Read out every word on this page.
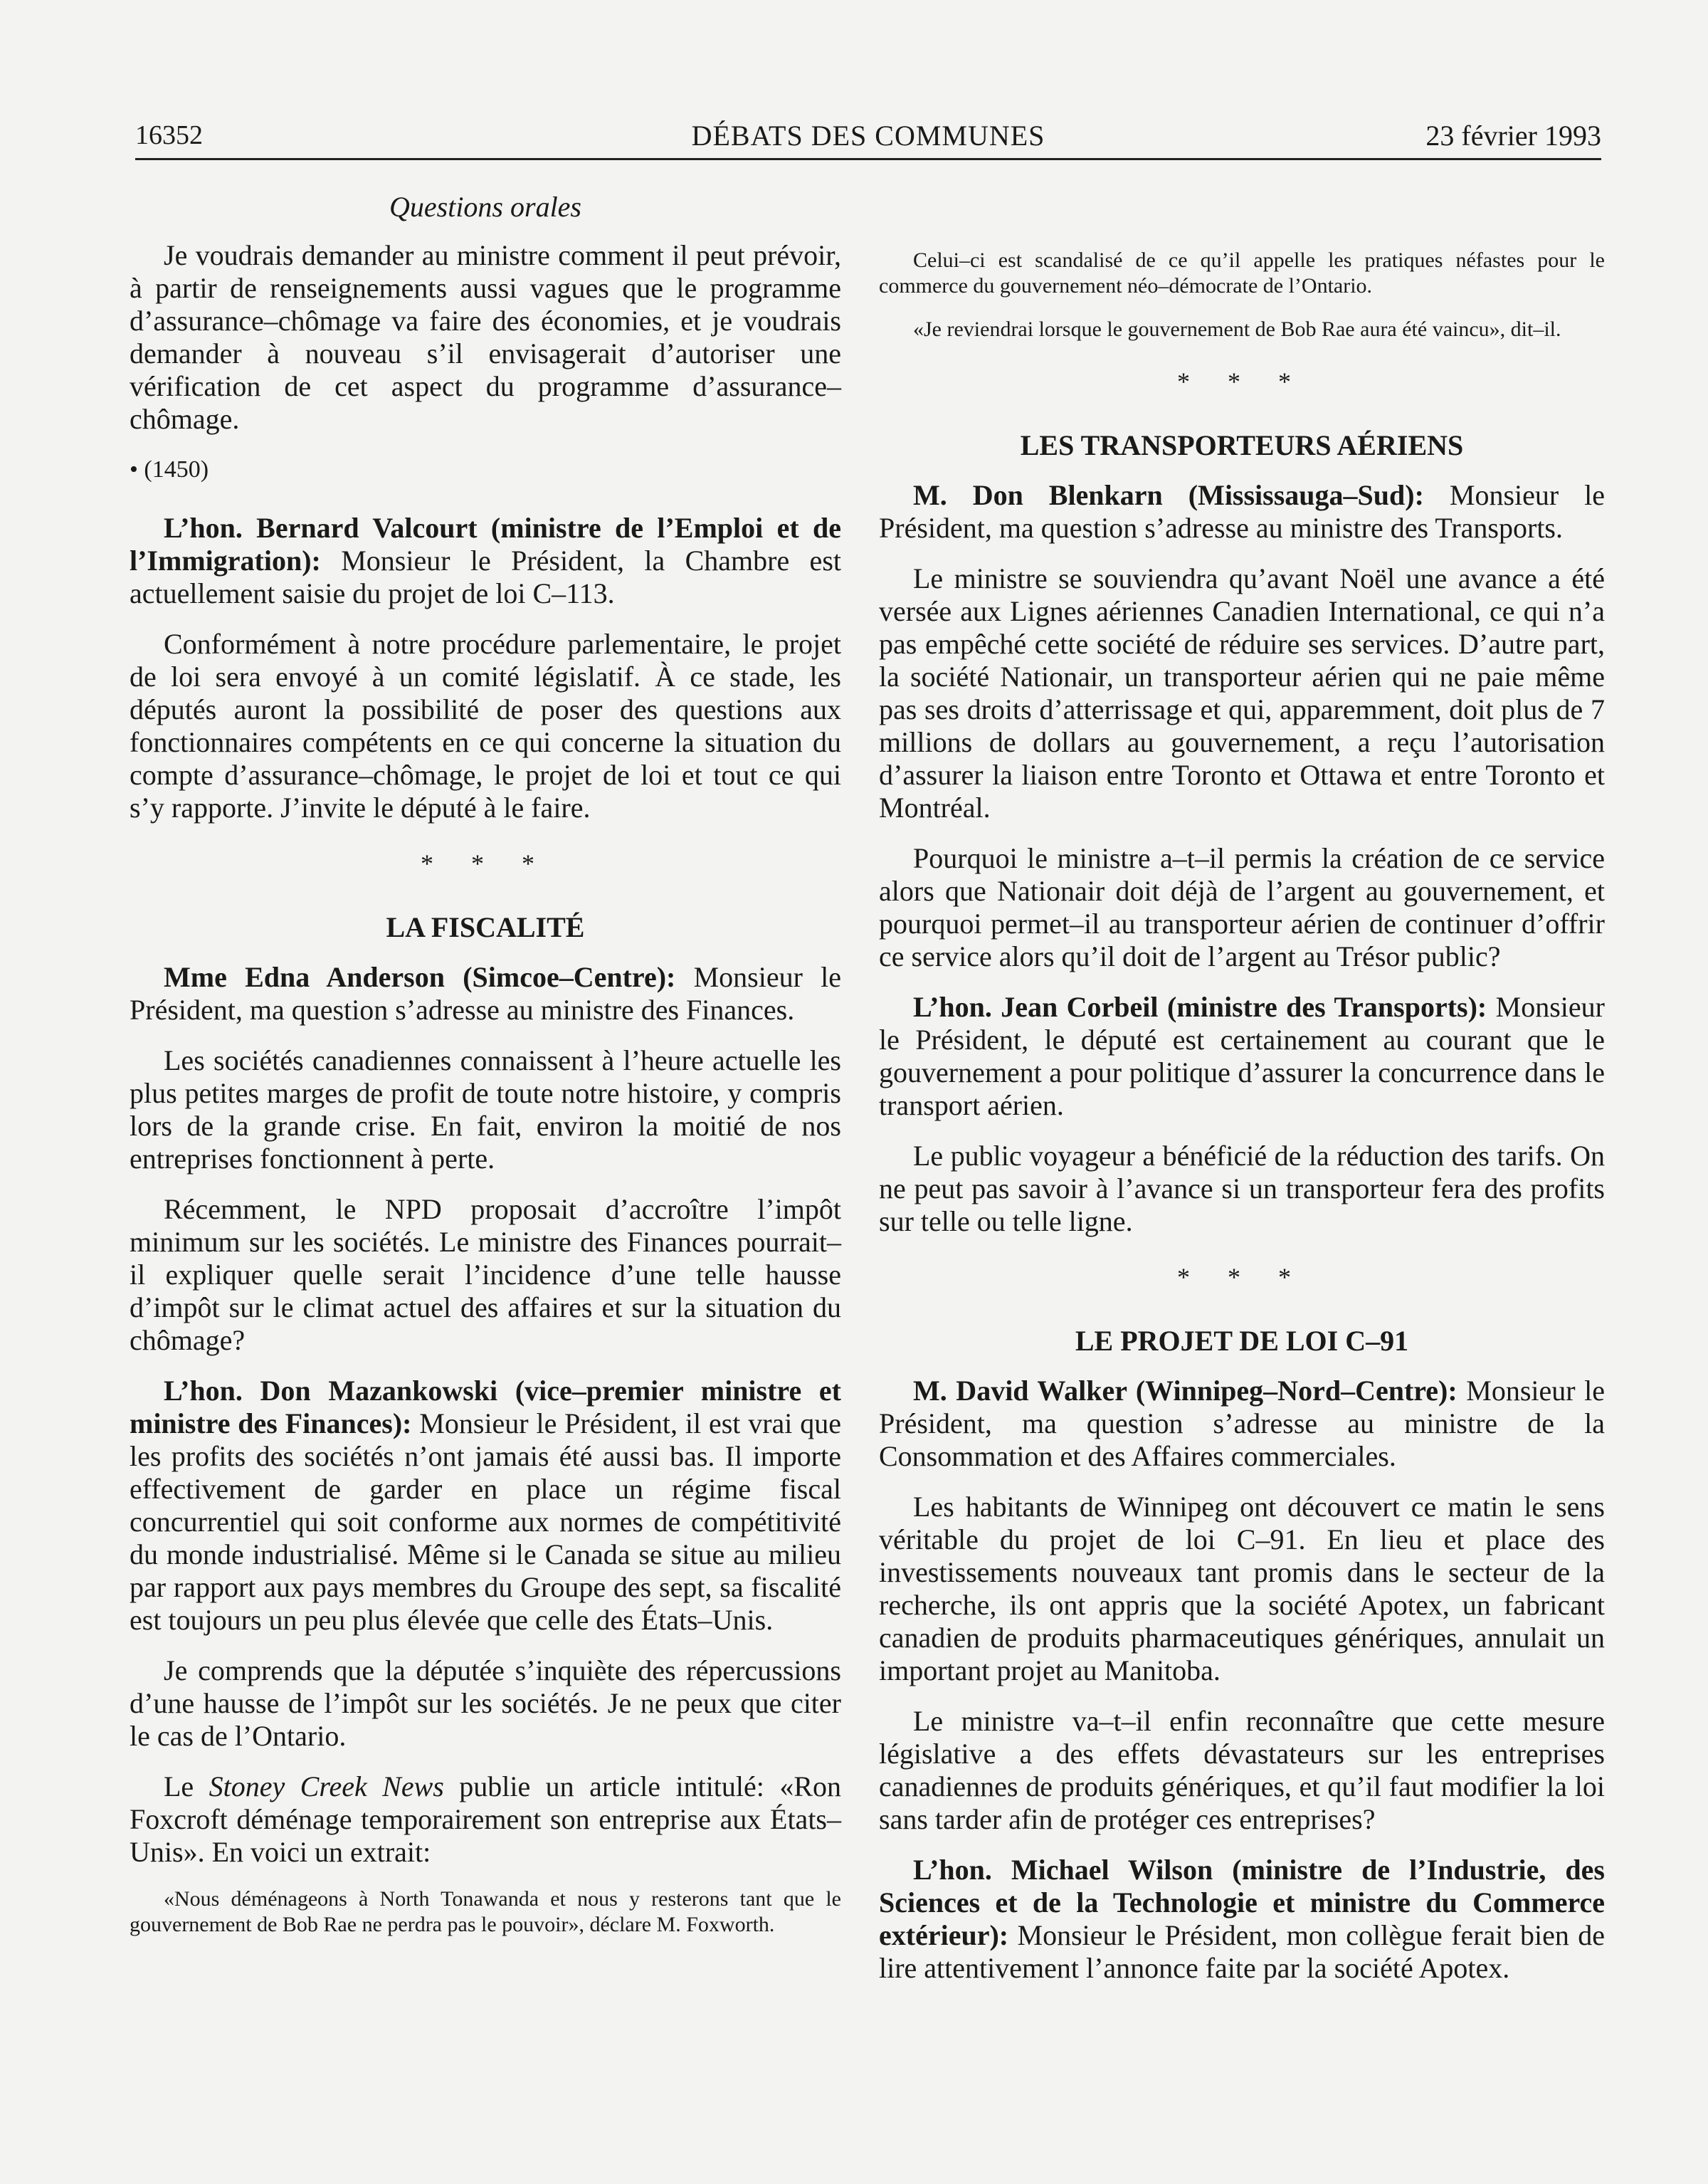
16352	DÉBATS DES COMMUNES	23 février 1993
Questions orales

Je voudrais demander au ministre comment il peut prévoir, à partir de renseignements aussi vagues que le programme d’assurance–chômage va faire des économies, et je voudrais demander à nouveau s’il envisagerait d’autoriser une vérification de cet aspect du programme d’assurance–chômage.

• (1450)

L’hon. Bernard Valcourt (ministre de l’Emploi et de l’Immigration): Monsieur le Président, la Chambre est actuellement saisie du projet de loi C–113.

Conformément à notre procédure parlementaire, le projet de loi sera envoyé à un comité législatif. À ce stade, les députés auront la possibilité de poser des questions aux fonctionnaires compétents en ce qui concerne la situation du compte d’assurance–chômage, le projet de loi et tout ce qui s’y rapporte. J’invite le député à le faire.

* * *
LA FISCALITÉ

Mme Edna Anderson (Simcoe–Centre): Monsieur le Président, ma question s’adresse au ministre des Finances.

Les sociétés canadiennes connaissent à l’heure actuelle les plus petites marges de profit de toute notre histoire, y compris lors de la grande crise. En fait, environ la moitié de nos entreprises fonctionnent à perte.

Récemment, le NPD proposait d’accroître l’impôt minimum sur les sociétés. Le ministre des Finances pourrait–il expliquer quelle serait l’incidence d’une telle hausse d’impôt sur le climat actuel des affaires et sur la situation du chômage?

L’hon. Don Mazankowski (vice–premier ministre et ministre des Finances): Monsieur le Président, il est vrai que les profits des sociétés n’ont jamais été aussi bas. Il importe effectivement de garder en place un régime fiscal concurrentiel qui soit conforme aux normes de compétitivité du monde industrialisé. Même si le Canada se situe au milieu par rapport aux pays membres du Groupe des sept, sa fiscalité est toujours un peu plus élevée que celle des États–Unis.

Je comprends que la députée s’inquiète des répercussions d’une hausse de l’impôt sur les sociétés. Je ne peux que citer le cas de l’Ontario.

Le Stoney Creek News publie un article intitulé: «Ron Foxcroft déménage temporairement son entreprise aux États–Unis». En voici un extrait:

«Nous déménageons à North Tonawanda et nous y resterons tant que le gouvernement de Bob Rae ne perdra pas le pouvoir», déclare M. Foxworth.

Celui–ci est scandalisé de ce qu’il appelle les pratiques néfastes pour le commerce du gouvernement néo–démocrate de l’Ontario.

«Je reviendrai lorsque le gouvernement de Bob Rae aura été vaincu», dit–il.

* * *
LES TRANSPORTEURS AÉRIENS

M. Don Blenkarn (Mississauga–Sud): Monsieur le Président, ma question s’adresse au ministre des Transports.

Le ministre se souviendra qu’avant Noël une avance a été versée aux Lignes aériennes Canadien International, ce qui n’a pas empêché cette société de réduire ses services. D’autre part, la société Nationair, un transporteur aérien qui ne paie même pas ses droits d’atterrissage et qui, apparemment, doit plus de 7 millions de dollars au gouvernement, a reçu l’autorisation d’assurer la liaison entre Toronto et Ottawa et entre Toronto et Montréal.

Pourquoi le ministre a–t–il permis la création de ce service alors que Nationair doit déjà de l’argent au gouvernement, et pourquoi permet–il au transporteur aérien de continuer d’offrir ce service alors qu’il doit de l’argent au Trésor public?

L’hon. Jean Corbeil (ministre des Transports): Monsieur le Président, le député est certainement au courant que le gouvernement a pour politique d’assurer la concurrence dans le transport aérien.

Le public voyageur a bénéficié de la réduction des tarifs. On ne peut pas savoir à l’avance si un transporteur fera des profits sur telle ou telle ligne.

* * *
LE PROJET DE LOI C–91

M. David Walker (Winnipeg–Nord–Centre): Monsieur le Président, ma question s’adresse au ministre de la Consommation et des Affaires commerciales.

Les habitants de Winnipeg ont découvert ce matin le sens véritable du projet de loi C–91. En lieu et place des investissements nouveaux tant promis dans le secteur de la recherche, ils ont appris que la société Apotex, un fabricant canadien de produits pharmaceutiques génériques, annulait un important projet au Manitoba.

Le ministre va–t–il enfin reconnaître que cette mesure législative a des effets dévastateurs sur les entreprises canadiennes de produits génériques, et qu’il faut modifier la loi sans tarder afin de protéger ces entreprises?

L’hon. Michael Wilson (ministre de l’Industrie, des Sciences et de la Technologie et ministre du Commerce extérieur): Monsieur le Président, mon collègue ferait bien de lire attentivement l’annonce faite par la société Apotex.
